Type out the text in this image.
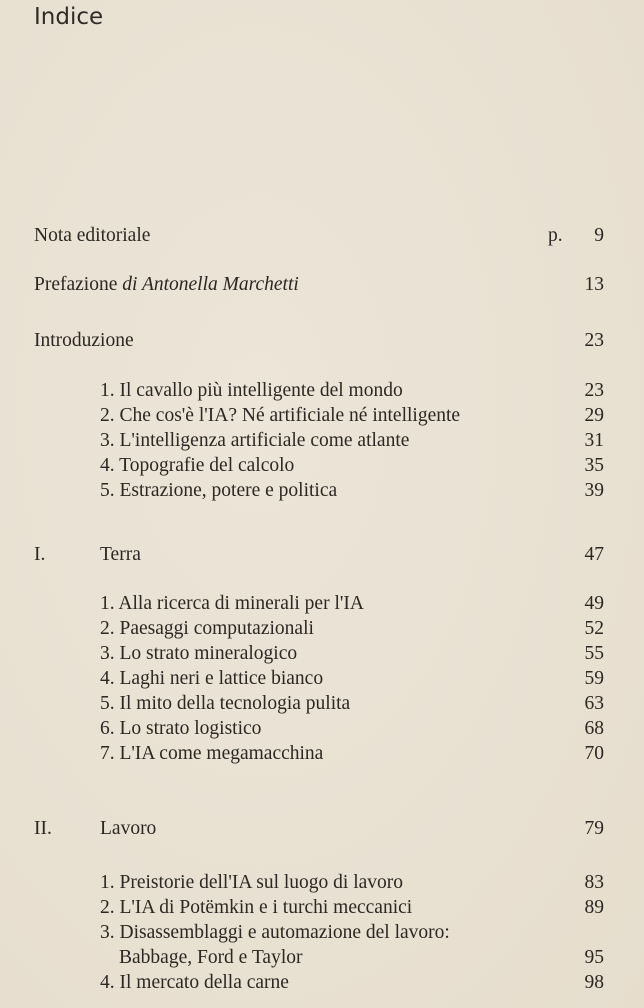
Indice
Nota editoriale	p. 9
Prefazione di Antonella Marchetti	13
Introduzione	23
1. Il cavallo più intelligente del mondo	23
2. Che cos'è l'IA? Né artificiale né intelligente	29
3. L'intelligenza artificiale come atlante	31
4. Topografie del calcolo	35
5. Estrazione, potere e politica	39
I.	Terra	47
1. Alla ricerca di minerali per l'IA	49
2. Paesaggi computazionali	52
3. Lo strato mineralogico	55
4. Laghi neri e lattice bianco	59
5. Il mito della tecnologia pulita	63
6. Lo strato logistico	68
7. L'IA come megamacchina	70
II. Lavoro	79
1. Preistorie dell'IA sul luogo di lavoro	83
2. L'IA di Potëmkin e i turchi meccanici	89
3. Disassemblaggi e automazione del lavoro:
Babbage, Ford e Taylor	95
4. Il mercato della carne	98
